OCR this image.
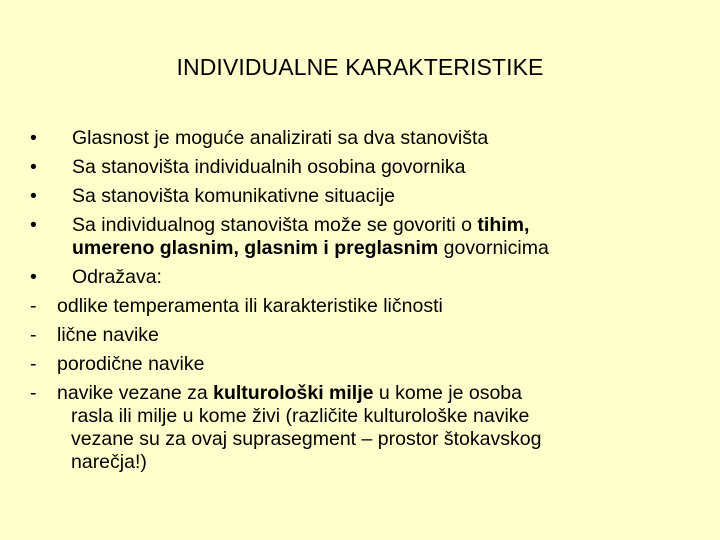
INDIVIDUALNE KARAKTERISTIKE
• Glasnost je moguće analizirati sa dva stanovišta
• Sa stanovišta individualnih osobina govornika
• Sa stanovišta komunikativne situacije
• Sa individualnog stanovišta može se govoriti o tihim,
umereno glasnim, glasnim i preglasnim govornicima
• Odražava:
- odlike temperamenta ili karakteristike ličnosti
- lične navike
- porodične navike
- navike vezane za kulturološki milje u kome je osoba
rasla ili milje u kome živi (različite kulturološke navike
vezane su za ovaj suprasegment – prostor štokavskog
narečja!)
